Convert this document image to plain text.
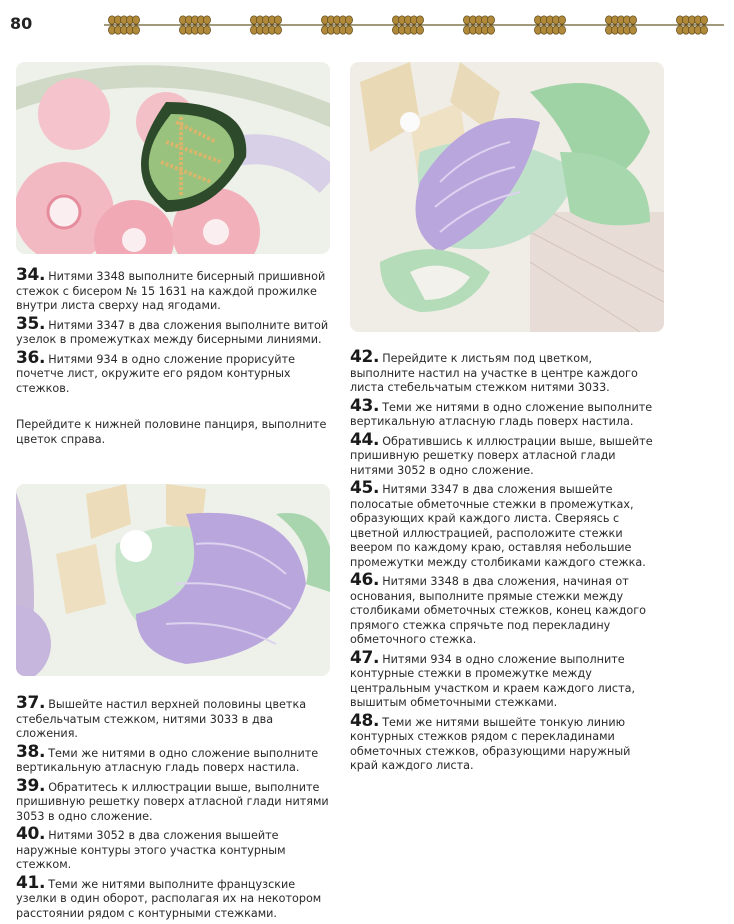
80
34. Нитями 3348 выполните бисерный пришивной стежок с бисером № 15 1631 на каждой прожилке внутри листа сверху над ягодами.
35. Нитями 3347 в два сложения выполните витой узелок в промежутках между бисерными линиями.
36. Нитями 934 в одно сложение прорисуйте почетче лист, окружите его рядом контурных стежков.
Перейдите к нижней половине панциря, выполните цветок справа.
37. Вышейте настил верхней половины цветка стебельчатым стежком, нитями 3033 в два сложения.
38. Теми же нитями в одно сложение выполните вертикальную атласную гладь поверх настила.
39. Обратитесь к иллюстрации выше, выполните пришивную решетку поверх атласной глади нитями 3053 в одно сложение.
40. Нитями 3052 в два сложения вышейте наружные контуры этого участка контурным стежком.
41. Теми же нитями выполните французские узелки в один оборот, располагая их на некотором расстоянии рядом с контурными стежками.
42. Перейдите к листьям под цветком, выполните настил на участке в центре каждого листа стебельчатым стежком нитями 3033.
43. Теми же нитями в одно сложение выполните вертикальную атласную гладь поверх настила.
44. Обратившись к иллюстрации выше, вышейте пришивную решетку поверх атласной глади нитями 3052 в одно сложение.
45. Нитями 3347 в два сложения вышейте полосатые обметочные стежки в промежутках, образующих край каждого листа. Сверяясь с цветной иллюстрацией, расположите стежки веером по каждому краю, оставляя небольшие промежутки между столбиками каждого стежка.
46. Нитями 3348 в два сложения, начиная от основания, выполните прямые стежки между столбиками обметочных стежков, конец каждого прямого стежка спрячьте под перекладину обметочного стежка.
47. Нитями 934 в одно сложение выполните контурные стежки в промежутке между центральным участком и краем каждого листа, вышитым обметочными стежками.
48. Теми же нитями вышейте тонкую линию контурных стежков рядом с перекладинами обметочных стежков, образующими наружный край каждого листа.
